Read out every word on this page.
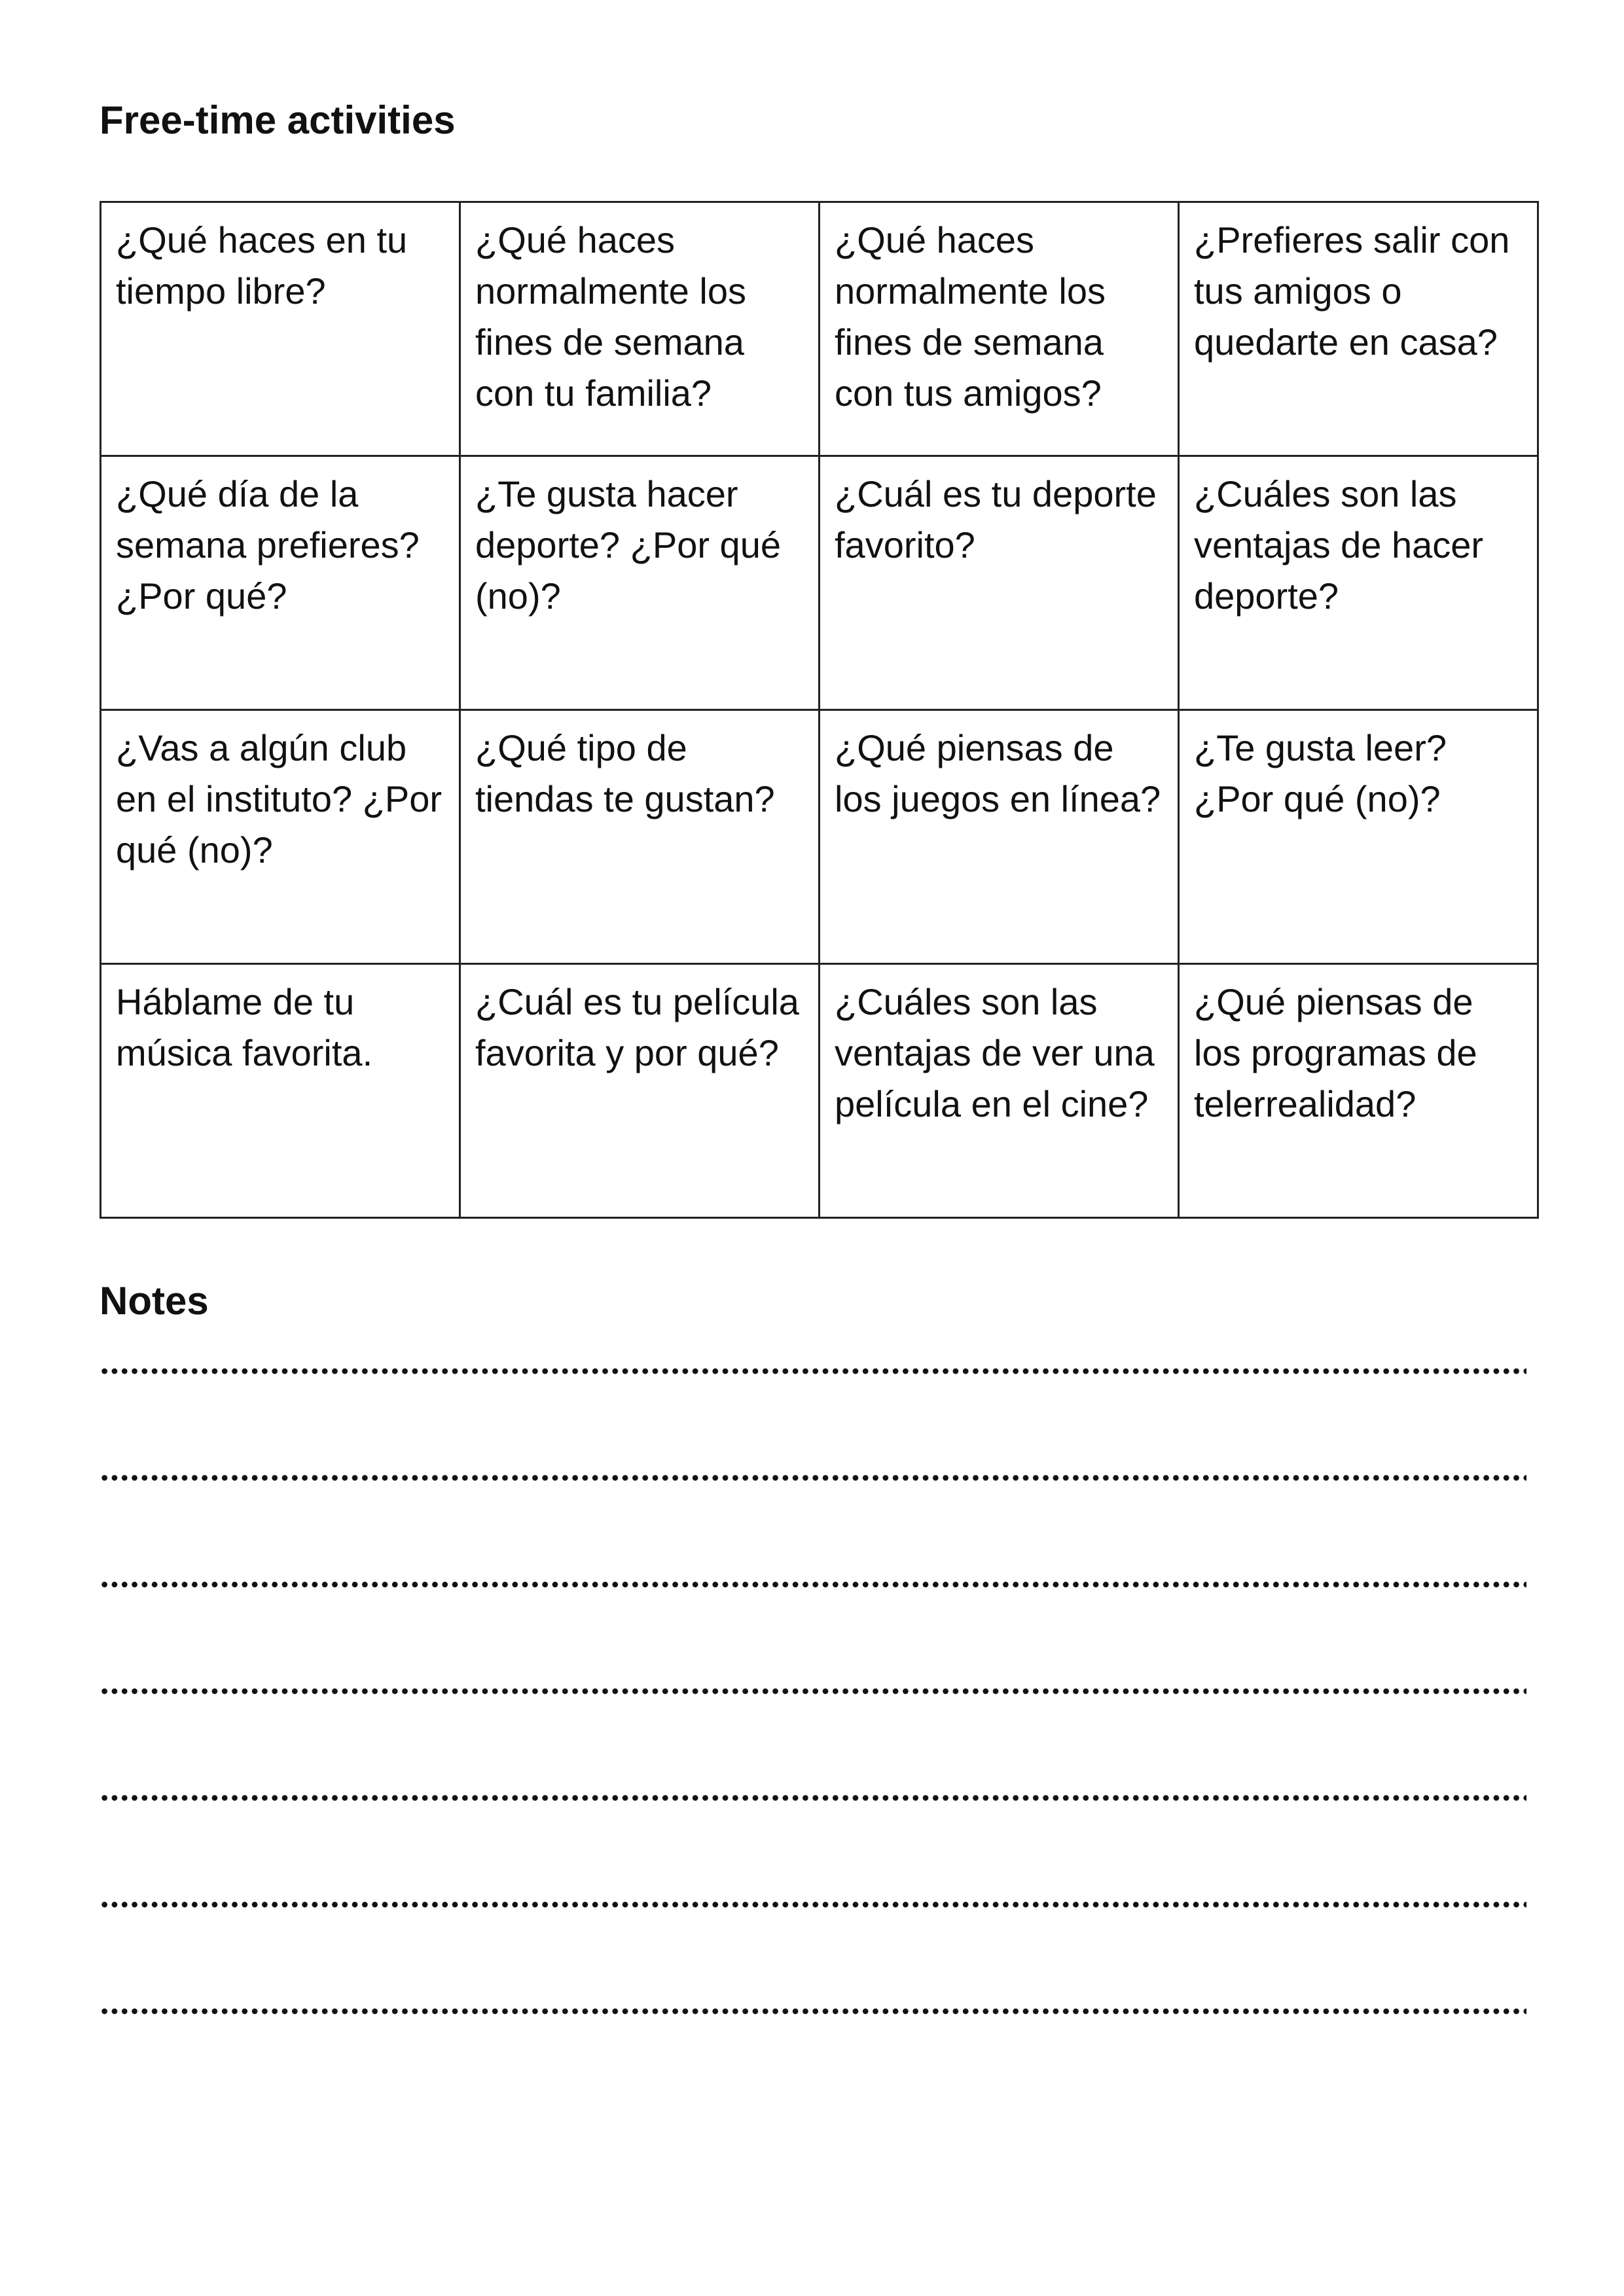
Free-time activities
¿Qué haces en tu tiempo libre?	¿Qué haces normalmente los fines de semana con tu familia?	¿Qué haces normalmente los fines de semana con tus amigos?	¿Prefieres salir con tus amigos o quedarte en casa?
¿Qué día de la semana prefieres? ¿Por qué?	¿Te gusta hacer deporte? ¿Por qué (no)?	¿Cuál es tu deporte favorito?	¿Cuáles son las ventajas de hacer deporte?
¿Vas a algún club en el instituto? ¿Por qué (no)?	¿Qué tipo de tiendas te gustan?	¿Qué piensas de los juegos en línea?	¿Te gusta leer? ¿Por qué (no)?
Háblame de tu música favorita.	¿Cuál es tu película favorita y por qué?	¿Cuáles son las ventajas de ver una película en el cine?	¿Qué piensas de los programas de telerrealidad?
Notes
